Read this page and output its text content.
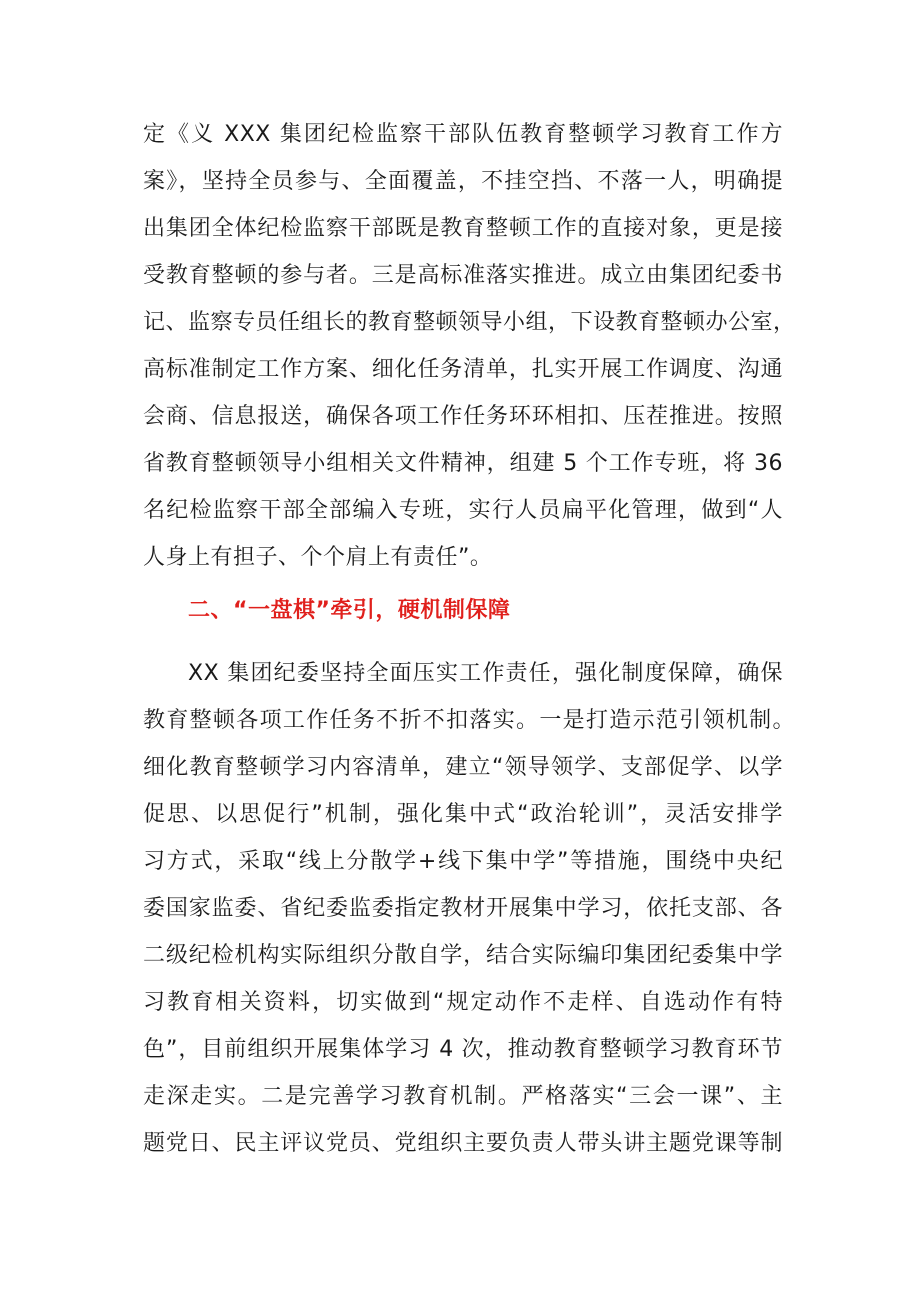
定《义 XXX 集团纪检监察干部队伍教育整顿学习教育工作方

案》，坚持全员参与、全面覆盖，不挂空挡、不落一人，明确提

出集团全体纪检监察干部既是教育整顿工作的直接对象，更是接

受教育整顿的参与者。三是高标准落实推进。成立由集团纪委书

记、监察专员任组长的教育整顿领导小组，下设教育整顿办公室，

高标准制定工作方案、细化任务清单，扎实开展工作调度、沟通

会商、信息报送，确保各项工作任务环环相扣、压茬推进。按照

省教育整顿领导小组相关文件精神，组建 5 个工作专班，将 36

名纪检监察干部全部编入专班，实行人员扁平化管理，做到“人

人身上有担子、个个肩上有责任”。

二、“一盘棋”牵引，硬机制保障

XX 集团纪委坚持全面压实工作责任，强化制度保障，确保

教育整顿各项工作任务不折不扣落实。一是打造示范引领机制。

细化教育整顿学习内容清单，建立“领导领学、支部促学、以学

促思、以思促行”机制，强化集中式“政治轮训”，灵活安排学

习方式，采取“线上分散学+线下集中学”等措施，围绕中央纪

委国家监委、省纪委监委指定教材开展集中学习，依托支部、各

二级纪检机构实际组织分散自学，结合实际编印集团纪委集中学

习教育相关资料，切实做到“规定动作不走样、自选动作有特

色”，目前组织开展集体学习 4 次，推动教育整顿学习教育环节

走深走实。二是完善学习教育机制。严格落实“三会一课”、主

题党日、民主评议党员、党组织主要负责人带头讲主题党课等制
